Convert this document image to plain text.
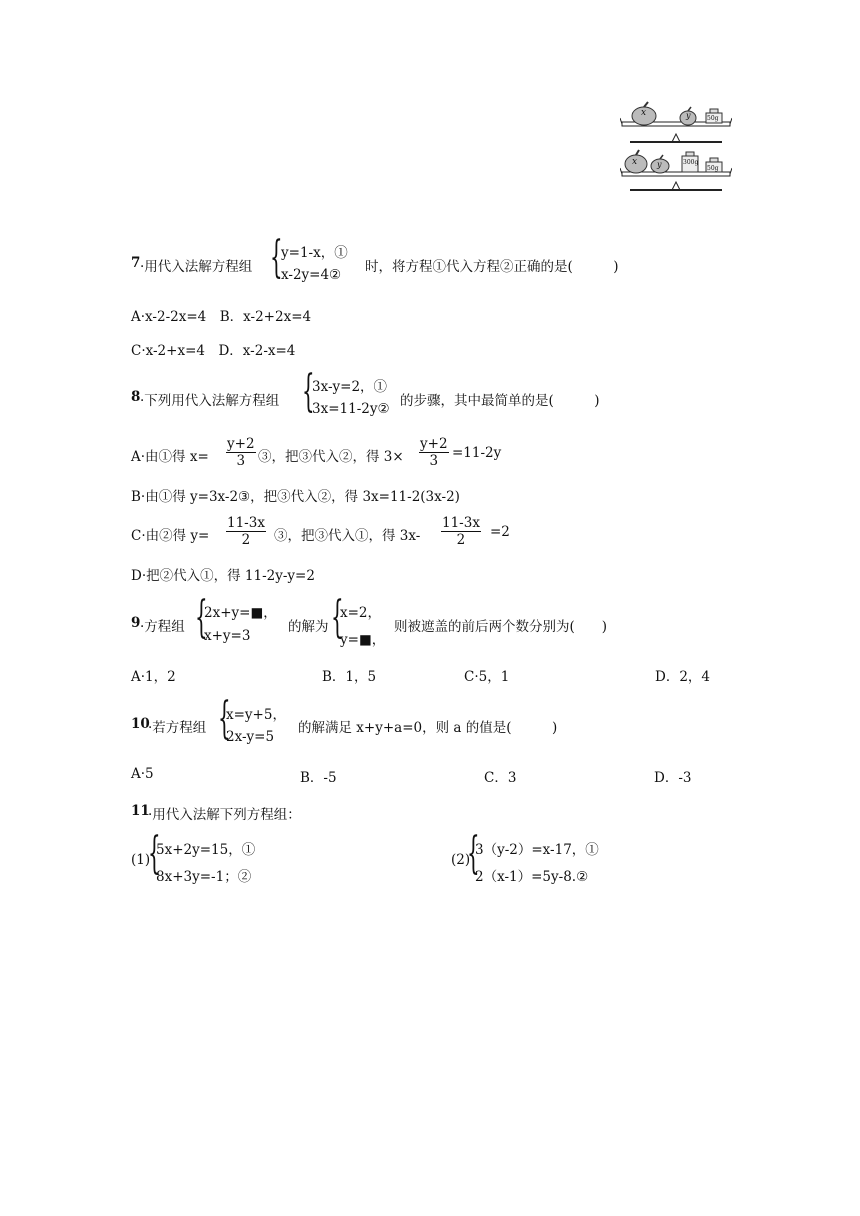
x	y	50g
x y	300g
50g
7 ·用代入法解方程组 {
y=1-x，①
x-2y=4② 时，将方程①代入方程②正确的是(　　　)
A·x-2-2x=4　B．x-2+2x=4
C·x-2+x=4　D．x-2-x=4
8 ·下列用代入法解方程组 {
3x-y=2，①
3x=11-2y② 的步骤，其中最简单的是(　　　)
A·由①得 $x= \frac{y+2}{3}$ ③，把③代入②，得 $3\times \frac{y+2}{3} =11-2y$
B·由①得 y=3x-2③，把③代入②，得 3x=11-2(3x-2)
C·由②得 $y= \frac{11-3x}{2}$ ③，把③代入①，得 $3x- \frac{11-3x}{2} =2$
D·把②代入①，得 11-2y-y=2
9 ·方程组 {
2x+y=■，
x+y=3
的解为 {
x=2，
y=■，
则被遮盖的前后两个数分别为(　　)
A·1，2	B．1，5	C·5，1	D．2，4
10
·若方程组 {
x=y+5，
2x-y=5
的解满足 x+y+a=0，则 a 的值是(　　　)
A·5	B．-5	C．3	D．-3
11
·用代入法解下列方程组：
(1)
{
5x+2y=15，①
8x+3y=-1；②
(2)
{
3（y-2）=x-17，①
2（x-1）=5y-8.②
